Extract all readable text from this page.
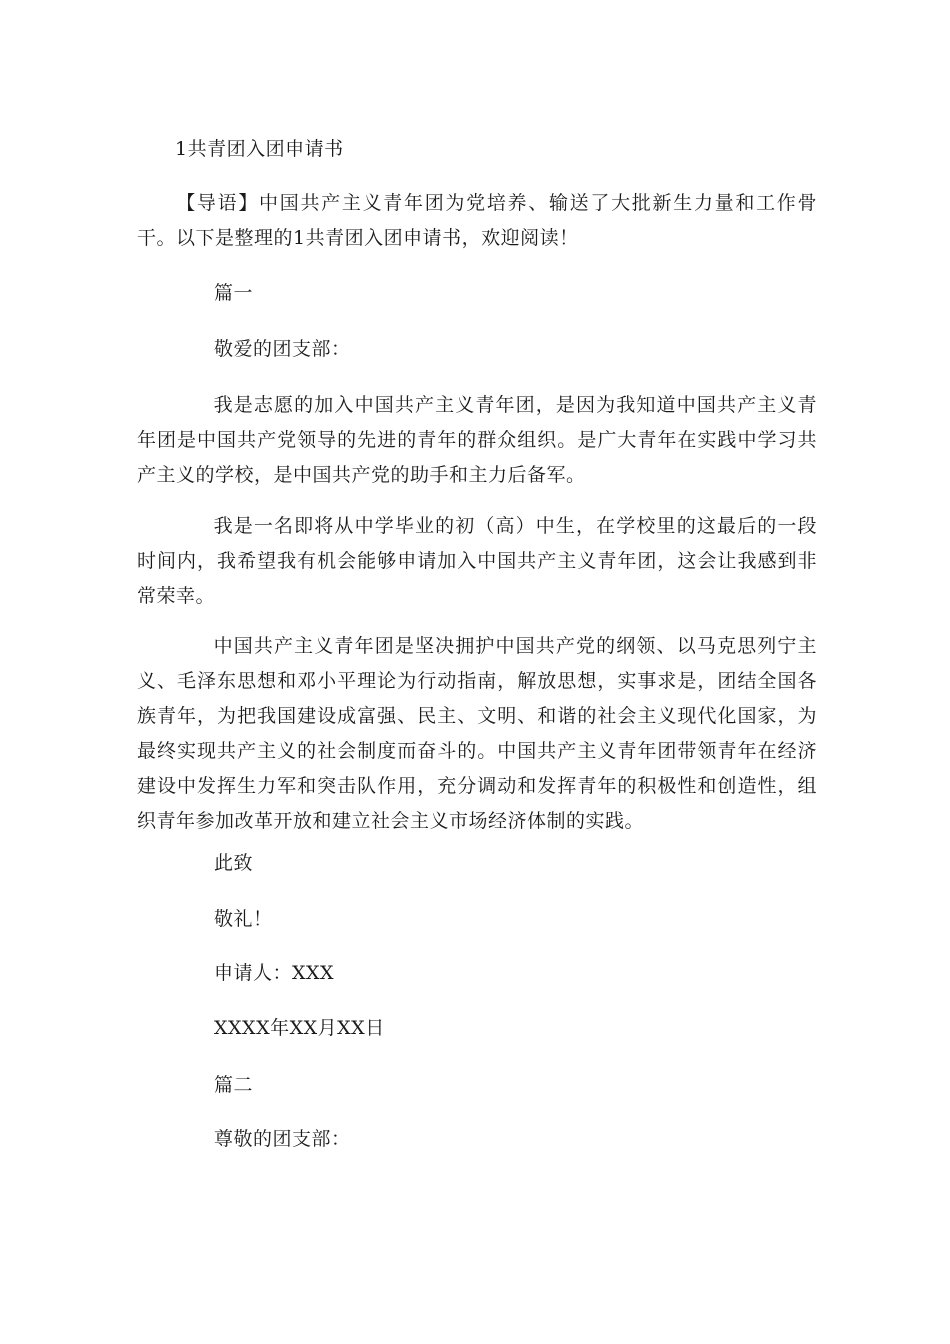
1共青团入团申请书
【导语】中国共产主义青年团为党培养、输送了大批新生力量和工作骨干。以下是整理的1共青团入团申请书，欢迎阅读！
篇一
敬爱的团支部：
我是志愿的加入中国共产主义青年团，是因为我知道中国共产主义青年团是中国共产党领导的先进的青年的群众组织。是广大青年在实践中学习共产主义的学校，是中国共产党的助手和主力后备军。
我是一名即将从中学毕业的初（高）中生，在学校里的这最后的一段时间内，我希望我有机会能够申请加入中国共产主义青年团，这会让我感到非常荣幸。
中国共产主义青年团是坚决拥护中国共产党的纲领、以马克思列宁主义、毛泽东思想和邓小平理论为行动指南，解放思想，实事求是，团结全国各族青年，为把我国建设成富强、民主、文明、和谐的社会主义现代化国家，为最终实现共产主义的社会制度而奋斗的。中国共产主义青年团带领青年在经济建设中发挥生力军和突击队作用，充分调动和发挥青年的积极性和创造性，组织青年参加改革开放和建立社会主义市场经济体制的实践。
此致
敬礼！
申请人：XXX
XXXX年XX月XX日
篇二
尊敬的团支部：
